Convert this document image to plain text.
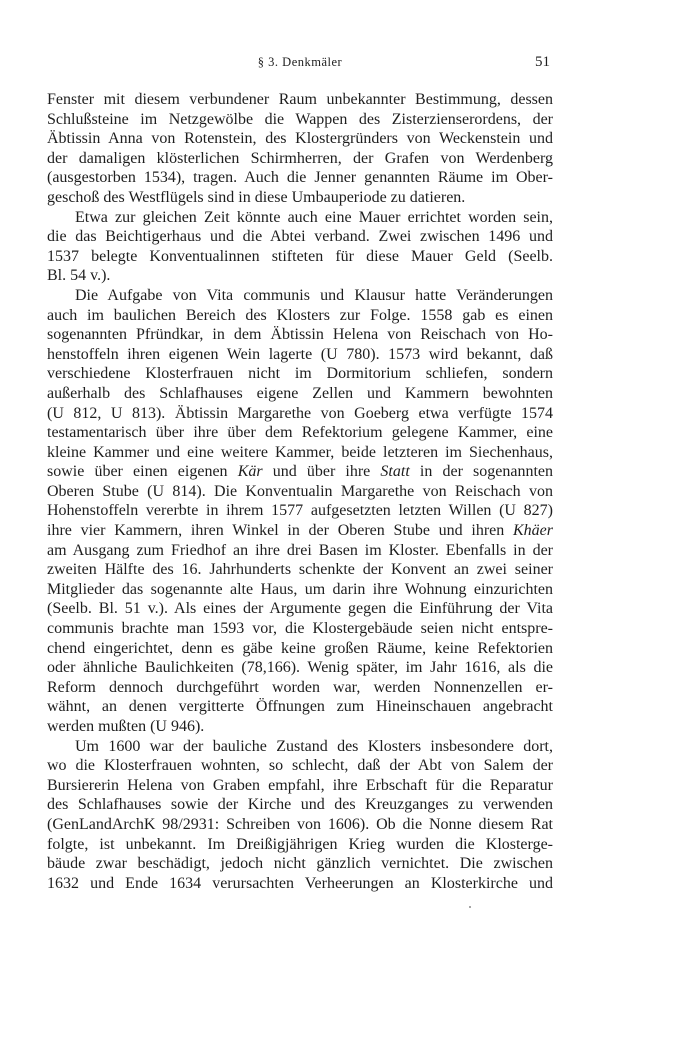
§ 3. Denkmäler	51
Fenster mit diesem verbundener Raum unbekannter Bestimmung, dessen
Schlußsteine im Netzgewölbe die Wappen des Zisterzienserordens, der
Äbtissin Anna von Rotenstein, des Klostergründers von Weckenstein und
der damaligen klösterlichen Schirmherren, der Grafen von Werdenberg
(ausgestorben 1534), tragen. Auch die Jenner genannten Räume im Ober-
geschoß des Westflügels sind in diese Umbauperiode zu datieren.
Etwa zur gleichen Zeit könnte auch eine Mauer errichtet worden sein,
die das Beichtigerhaus und die Abtei verband. Zwei zwischen 1496 und
1537 belegte Konventualinnen stifteten für diese Mauer Geld (Seelb.
Bl. 54 v.).
Die Aufgabe von Vita communis und Klausur hatte Veränderungen
auch im baulichen Bereich des Klosters zur Folge. 1558 gab es einen
sogenannten Pfründkar, in dem Äbtissin Helena von Reischach von Ho-
henstoffeln ihren eigenen Wein lagerte (U 780). 1573 wird bekannt, daß
verschiedene Klosterfrauen nicht im Dormitorium schliefen, sondern
außerhalb des Schlafhauses eigene Zellen und Kammern bewohnten
(U 812, U 813). Äbtissin Margarethe von Goeberg etwa verfügte 1574
testamentarisch über ihre über dem Refektorium gelegene Kammer, eine
kleine Kammer und eine weitere Kammer, beide letzteren im Siechenhaus,
sowie über einen eigenen Kär und über ihre Statt in der sogenannten
Oberen Stube (U 814). Die Konventualin Margarethe von Reischach von
Hohenstoffeln vererbte in ihrem 1577 aufgesetzten letzten Willen (U 827)
ihre vier Kammern, ihren Winkel in der Oberen Stube und ihren Khäer
am Ausgang zum Friedhof an ihre drei Basen im Kloster. Ebenfalls in der
zweiten Hälfte des 16. Jahrhunderts schenkte der Konvent an zwei seiner
Mitglieder das sogenannte alte Haus, um darin ihre Wohnung einzurichten
(Seelb. Bl. 51 v.). Als eines der Argumente gegen die Einführung der Vita
communis brachte man 1593 vor, die Klostergebäude seien nicht entspre-
chend eingerichtet, denn es gäbe keine großen Räume, keine Refektorien
oder ähnliche Baulichkeiten (78,166). Wenig später, im Jahr 1616, als die
Reform dennoch durchgeführt worden war, werden Nonnenzellen er-
wähnt, an denen vergitterte Öffnungen zum Hineinschauen angebracht
werden mußten (U 946).
Um 1600 war der bauliche Zustand des Klosters insbesondere dort,
wo die Klosterfrauen wohnten, so schlecht, daß der Abt von Salem der
Bursiererin Helena von Graben empfahl, ihre Erbschaft für die Reparatur
des Schlafhauses sowie der Kirche und des Kreuzganges zu verwenden
(GenLandArchK 98/2931: Schreiben von 1606). Ob die Nonne diesem Rat
folgte, ist unbekannt. Im Dreißigjährigen Krieg wurden die Klosterge-
bäude zwar beschädigt, jedoch nicht gänzlich vernichtet. Die zwischen
1632 und Ende 1634 verursachten Verheerungen an Klosterkirche und
